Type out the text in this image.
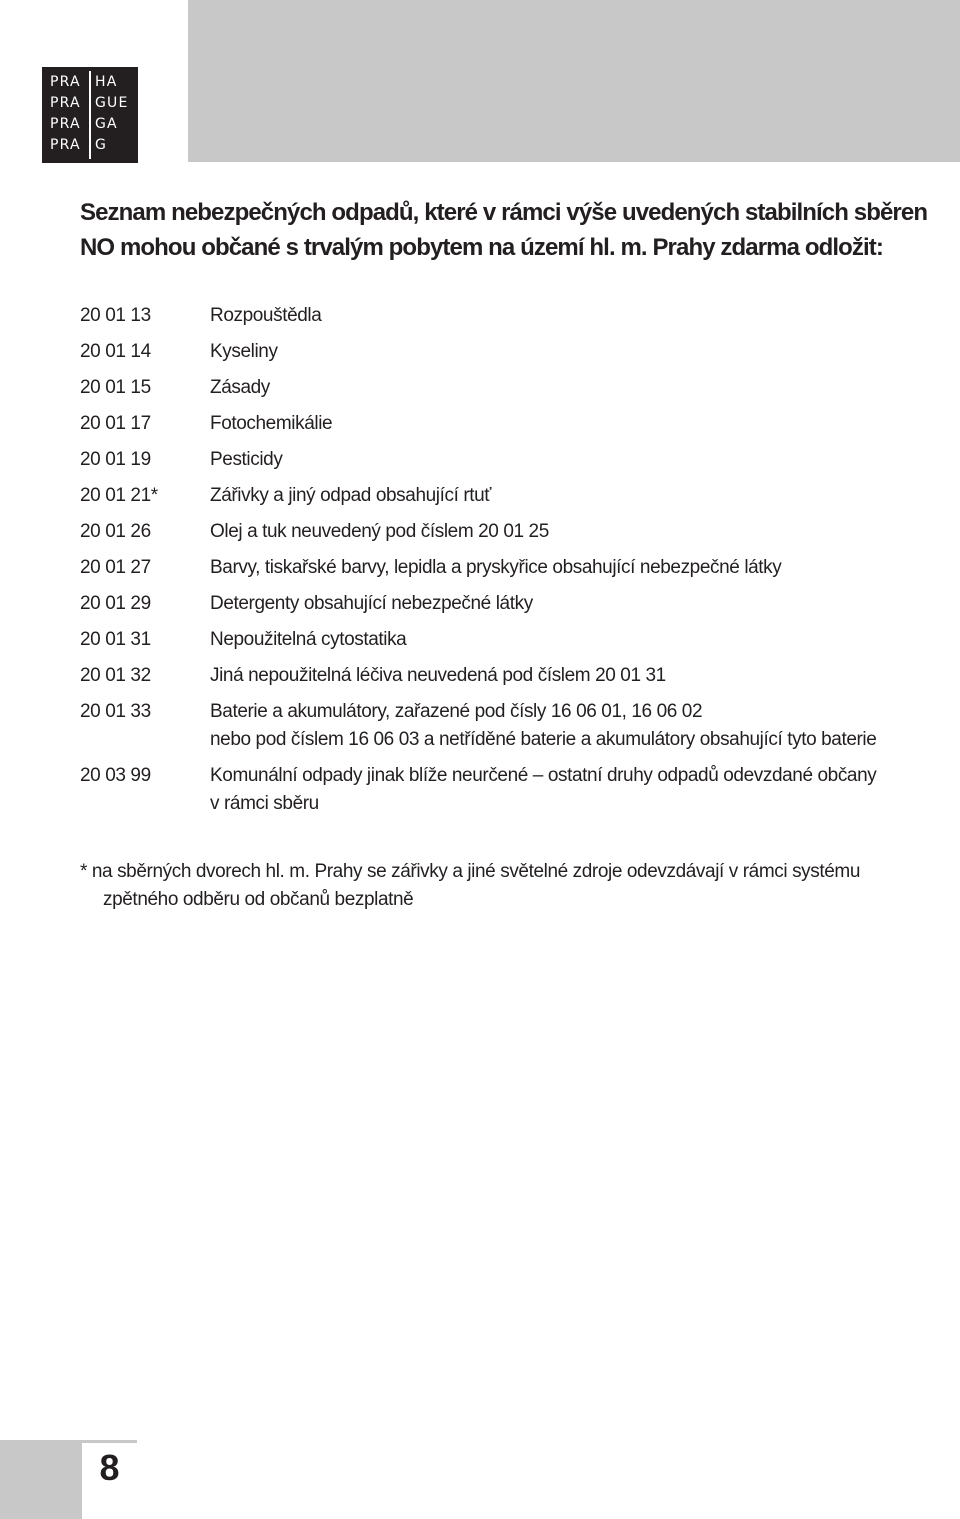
PRA HA
PRA GUE
PRA GA
PRA G
Seznam nebezpečných odpadů, které v rámci výše uvedených stabilních sběren
NO mohou občané s trvalým pobytem na území hl. m. Prahy zdarma odložit:
20 01 13	Rozpouštědla
20 01 14	Kyseliny
20 01 15	Zásady
20 01 17	Fotochemikálie
20 01 19	Pesticidy
20 01 21*	Zářivky a jiný odpad obsahující rtuť
20 01 26	Olej a tuk neuvedený pod číslem 20 01 25
20 01 27	Barvy, tiskařské barvy, lepidla a pryskyřice obsahující nebezpečné látky
20 01 29	Detergenty obsahující nebezpečné látky
20 01 31	Nepoužitelná cytostatika
20 01 32	Jiná nepoužitelná léčiva neuvedená pod číslem 20 01 31
20 01 33	Baterie a akumulátory, zařazené pod čísly 16 06 01, 16 06 02
nebo pod číslem 16 06 03 a netříděné baterie a akumulátory obsahující tyto baterie
20 03 99	Komunální odpady jinak blíže neurčené – ostatní druhy odpadů odevzdané občany
v rámci sběru
* na sběrných dvorech hl. m. Prahy se zářivky a jiné světelné zdroje odevzdávají v rámci systému
zpětného odběru od občanů bezplatně
8
